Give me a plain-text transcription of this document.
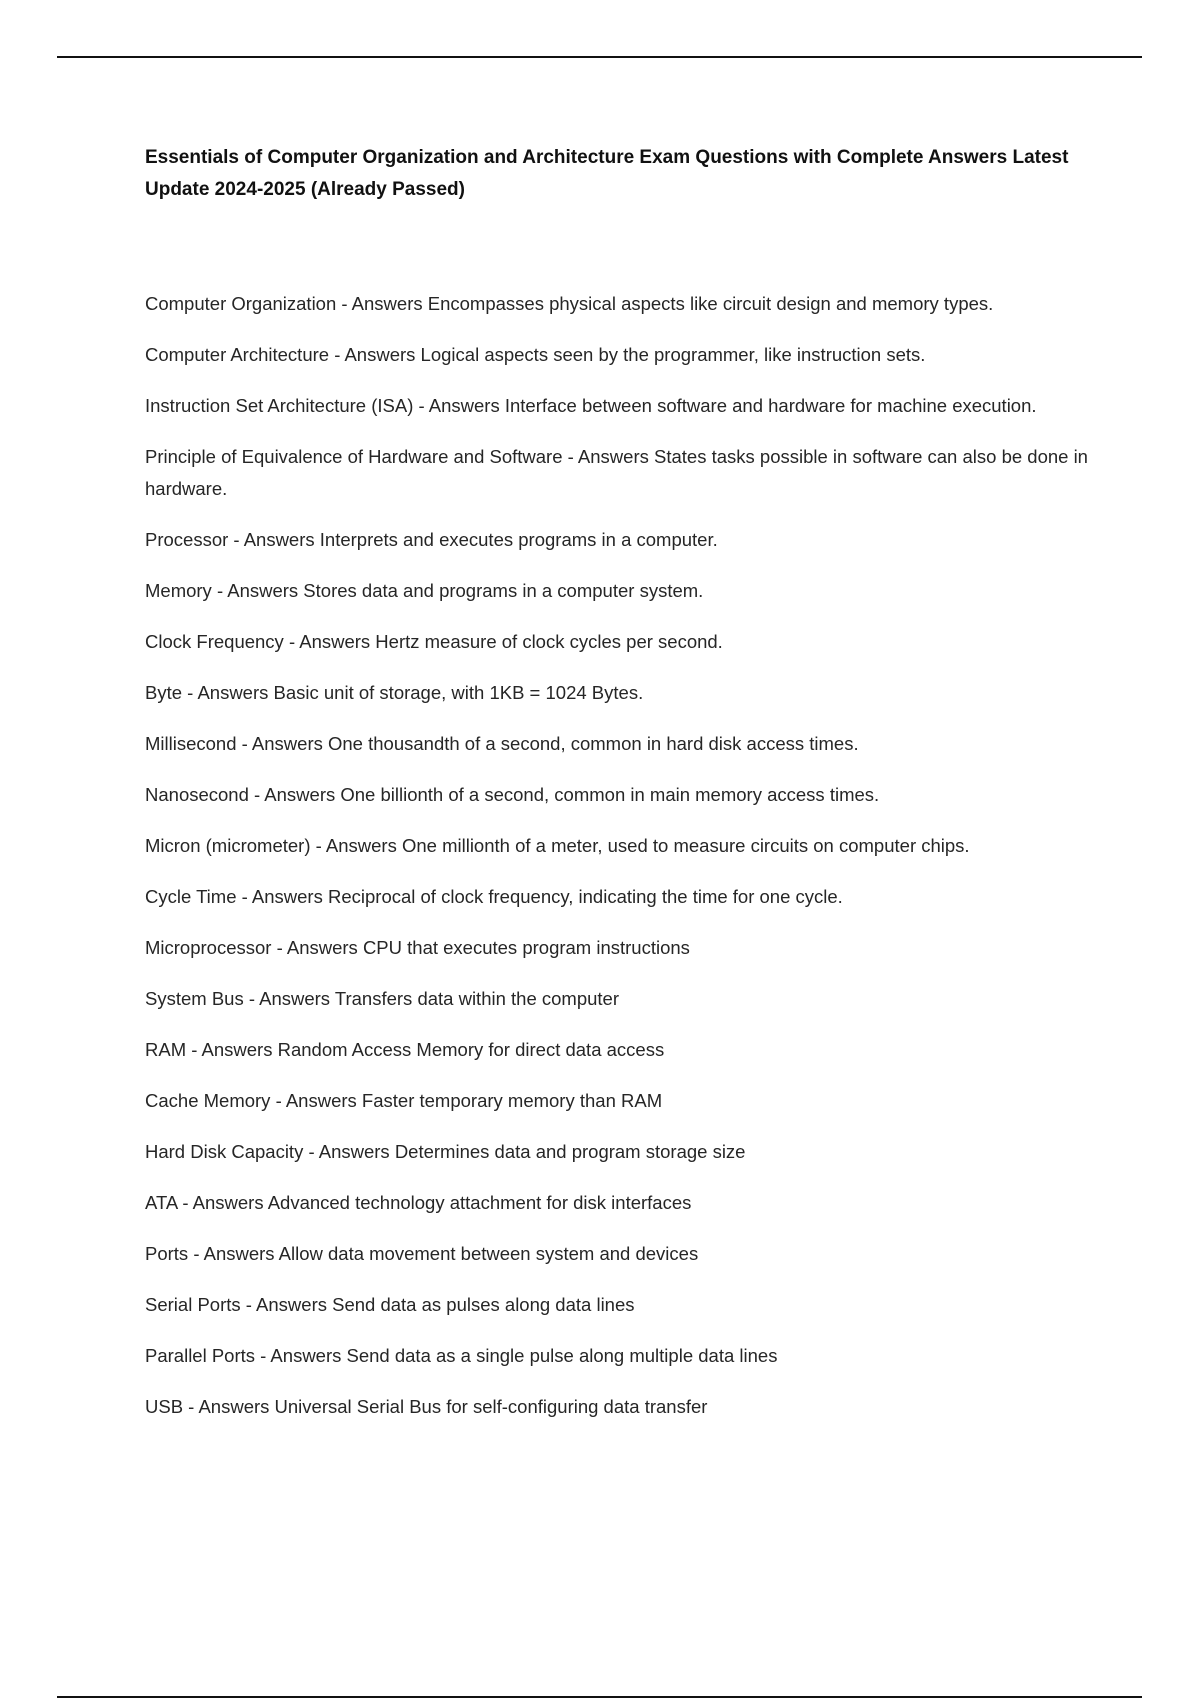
Essentials of Computer Organization and Architecture Exam Questions with Complete Answers Latest Update 2024-2025 (Already Passed)
Computer Organization - Answers Encompasses physical aspects like circuit design and memory types.
Computer Architecture - Answers Logical aspects seen by the programmer, like instruction sets.
Instruction Set Architecture (ISA) - Answers Interface between software and hardware for machine execution.
Principle of Equivalence of Hardware and Software - Answers States tasks possible in software can also be done in hardware.
Processor - Answers Interprets and executes programs in a computer.
Memory - Answers Stores data and programs in a computer system.
Clock Frequency - Answers Hertz measure of clock cycles per second.
Byte - Answers Basic unit of storage, with 1KB = 1024 Bytes.
Millisecond - Answers One thousandth of a second, common in hard disk access times.
Nanosecond - Answers One billionth of a second, common in main memory access times.
Micron (micrometer) - Answers One millionth of a meter, used to measure circuits on computer chips.
Cycle Time - Answers Reciprocal of clock frequency, indicating the time for one cycle.
Microprocessor - Answers CPU that executes program instructions
System Bus - Answers Transfers data within the computer
RAM - Answers Random Access Memory for direct data access
Cache Memory - Answers Faster temporary memory than RAM
Hard Disk Capacity - Answers Determines data and program storage size
ATA - Answers Advanced technology attachment for disk interfaces
Ports - Answers Allow data movement between system and devices
Serial Ports - Answers Send data as pulses along data lines
Parallel Ports - Answers Send data as a single pulse along multiple data lines
USB - Answers Universal Serial Bus for self-configuring data transfer
